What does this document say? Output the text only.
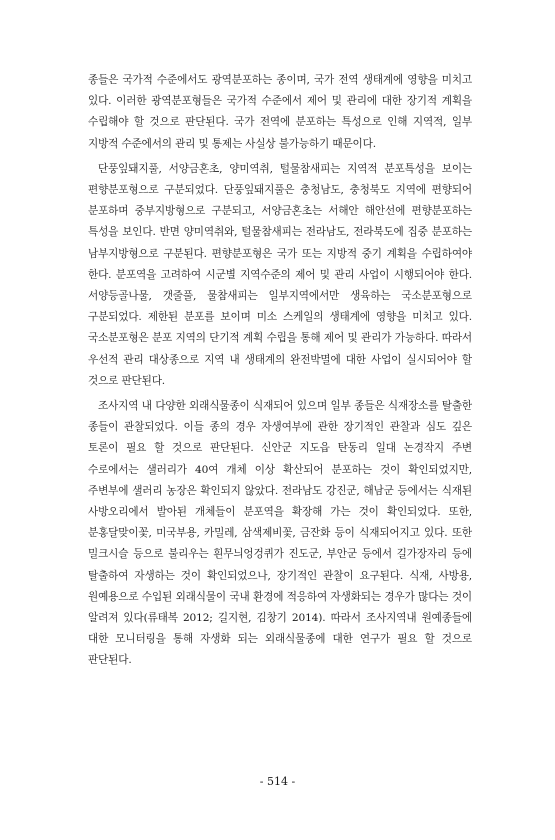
종들은 국가적 수준에서도 광역분포하는 종이며, 국가 전역 생태계에 영향을 미치고 있다. 이러한 광역분포형들은 국가적 수준에서 제어 및 관리에 대한 장기적 계획을 수립해야 할 것으로 판단된다. 국가 전역에 분포하는 특성으로 인해 지역적, 일부 지방적 수준에서의 관리 및 통제는 사실상 불가능하기 때문이다.

단풍잎돼지풀, 서양금혼초, 양미역취, 털물참새피는 지역적 분포특성을 보이는 편향분포형으로 구분되었다. 단풍잎돼지풀은 충청남도, 충청북도 지역에 편향되어 분포하며 중부지방형으로 구분되고, 서양금혼초는 서해안 해안선에 편향분포하는 특성을 보인다. 반면 양미역취와, 털물참새피는 전라남도, 전라북도에 집중 분포하는 남부지방형으로 구분된다. 편향분포형은 국가 또는 지방적 중기 계획을 수립하여야 한다. 분포역을 고려하여 시군별 지역수준의 제어 및 관리 사업이 시행되어야 한다. 서양등골나물, 갯줄풀, 물참새피는 일부지역에서만 생육하는 국소분포형으로 구분되었다. 제한된 분포를 보이며 미소 스케일의 생태계에 영향을 미치고 있다. 국소분포형은 분포 지역의 단기적 계획 수립을 통해 제어 및 관리가 가능하다. 따라서 우선적 관리 대상종으로 지역 내 생태계의 완전박멸에 대한 사업이 실시되어야 할 것으로 판단된다.

조사지역 내 다양한 외래식물종이 식재되어 있으며 일부 종들은 식재장소를 탈출한 종들이 관찰되었다. 이들 종의 경우 자생여부에 관한 장기적인 관찰과 심도 깊은 토론이 필요 할 것으로 판단된다. 신안군 지도읍 탄동리 일대 논경작지 주변 수로에서는 샐러리가 40여 개체 이상 확산되어 분포하는 것이 확인되었지만, 주변부에 샐러리 농장은 확인되지 않았다. 전라남도 강진군, 해남군 등에서는 식재된 사방오리에서 발아된 개체들이 분포역을 확장해 가는 것이 확인되었다. 또한, 분홍달맞이꽃, 미국부용, 카밀레, 삼색제비꽃, 금잔화 등이 식재되어지고 있다. 또한 밀크시슬 등으로 불리우는 흰무늬엉겅퀴가 진도군, 부안군 등에서 길가장자리 등에 탈출하여 자생하는 것이 확인되었으나, 장기적인 관찰이 요구된다. 식재, 사방용, 원예용으로 수입된 외래식물이 국내 환경에 적응하여 자생화되는 경우가 많다는 것이 알려져 있다(류태복 2012; 길지현, 김창기 2014). 따라서 조사지역내 원예종들에 대한 모니터링을 통해 자생화 되는 외래식물종에 대한 연구가 필요 할 것으로 판단된다.

- 514 -
